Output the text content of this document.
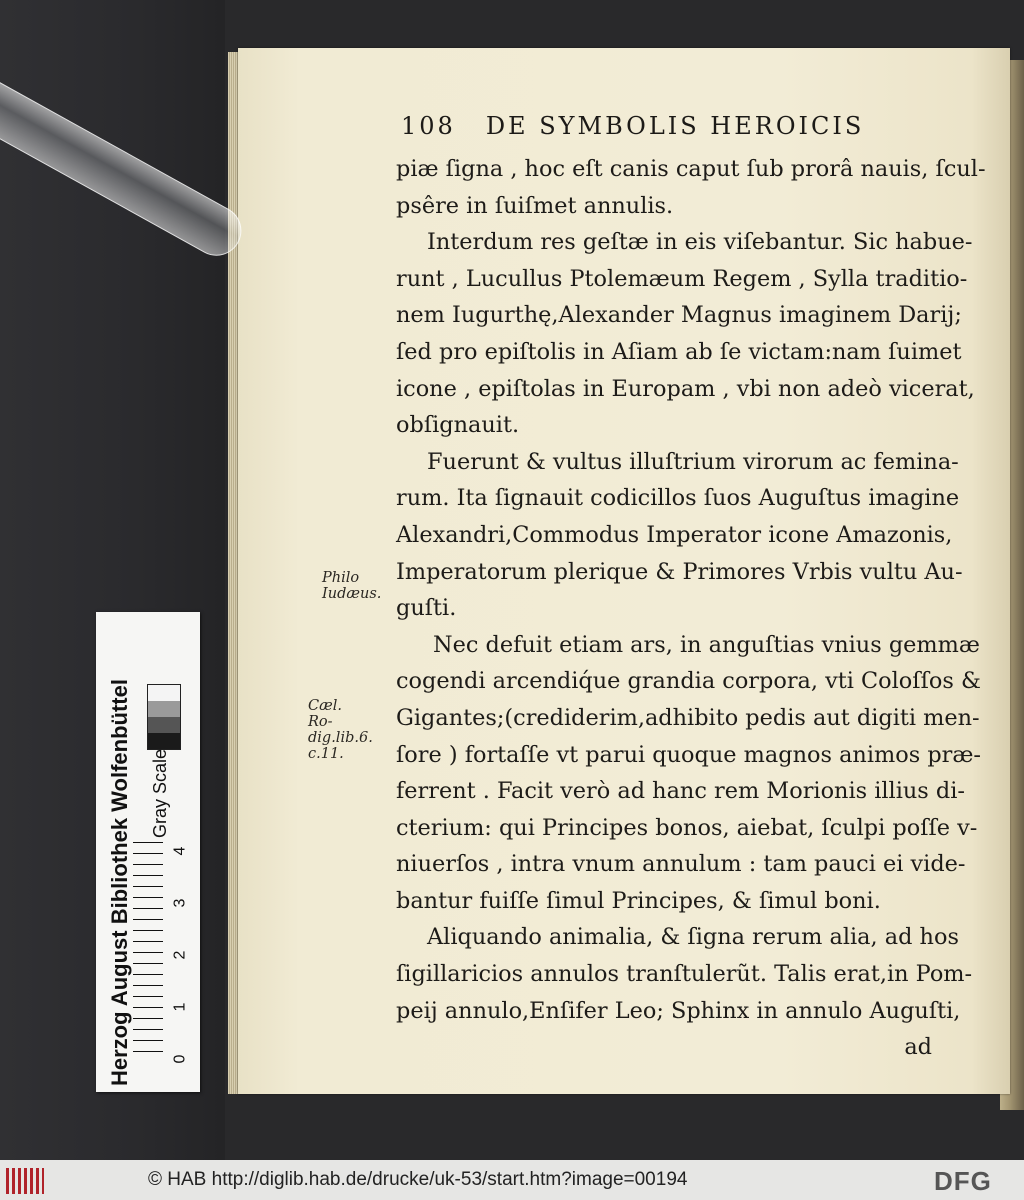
108 DE SYMBOLIS HEROICIS
piæ ſigna , hoc eſt canis caput ſub prorâ nauis, ſcul-
psêre in ſuiſmet annulis.
Interdum res geſtæ in eis viſebantur. Sic habue-
runt , Lucullus Ptolemæum Regem , Sylla traditio-
nem Iugurthę,Alexander Magnus imaginem Darij;
ſed pro epiſtolis in Aſiam ab ſe victam:nam ſuimet
icone , epiſtolas in Europam , vbi non adeò vicerat,
obſignauit.
Fuerunt & vultus illuſtrium virorum ac femina-
rum. Ita ſignauit codicillos ſuos Auguſtus imagine
Alexandri,Commodus Imperator icone Amazonis,
Imperatorum plerique & Primores Vrbis vultu Au-
guſti.
Nec defuit etiam ars, in anguſtias vnius gemmæ
cogendi arcendiq́ue grandia corpora, vti Coloſſos &
Gigantes;(crediderim,adhibito pedis aut digiti men-
ſore ) fortaſſe vt parui quoque magnos animos præ-
ferrent . Facit verò ad hanc rem Morionis illius di-
cterium: qui Principes bonos, aiebat, ſculpi poſſe v-
niuerſos , intra vnum annulum : tam pauci ei vide-
bantur fuiſſe ſimul Principes, & ſimul boni.
Aliquando animalia, & ſigna rerum alia, ad hos
ſigillaricios annulos tranſtulerũt. Talis erat,in Pom-
peij annulo,Enſifer Leo; Sphinx in annulo Auguſti,
ad
Philo Iudæus.
Cæl. Ro- dig.lib.6. c.11.
Herzog August Bibliothek Wolfenbüttel	Gray Scale
0
1
2
3
4
© HAB http://diglib.hab.de/drucke/uk-53/start.htm?image=00194	DFG
